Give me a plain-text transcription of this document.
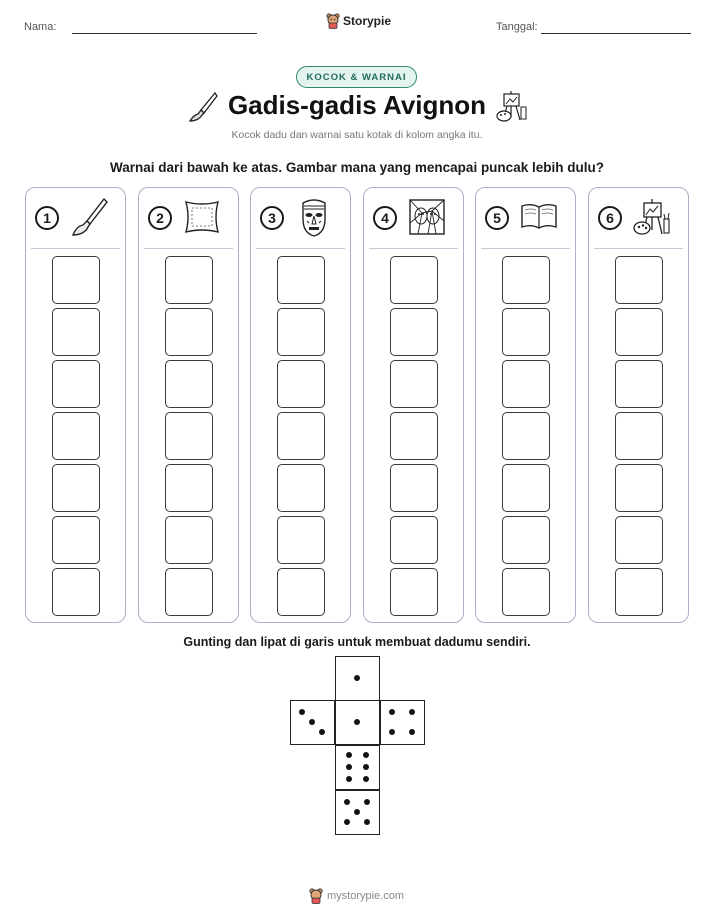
Nama:	Storypie	Tanggal:
KOCOK & WARNAI
Gadis-gadis Avignon
Kocok dadu dan warnai satu kotak di kolom angka itu.
Warnai dari bawah ke atas. Gambar mana yang mencapai puncak lebih dulu?
1	2	3	4	5	6
Gunting dan lipat di garis untuk membuat dadumu sendiri.
mystorypie.com
